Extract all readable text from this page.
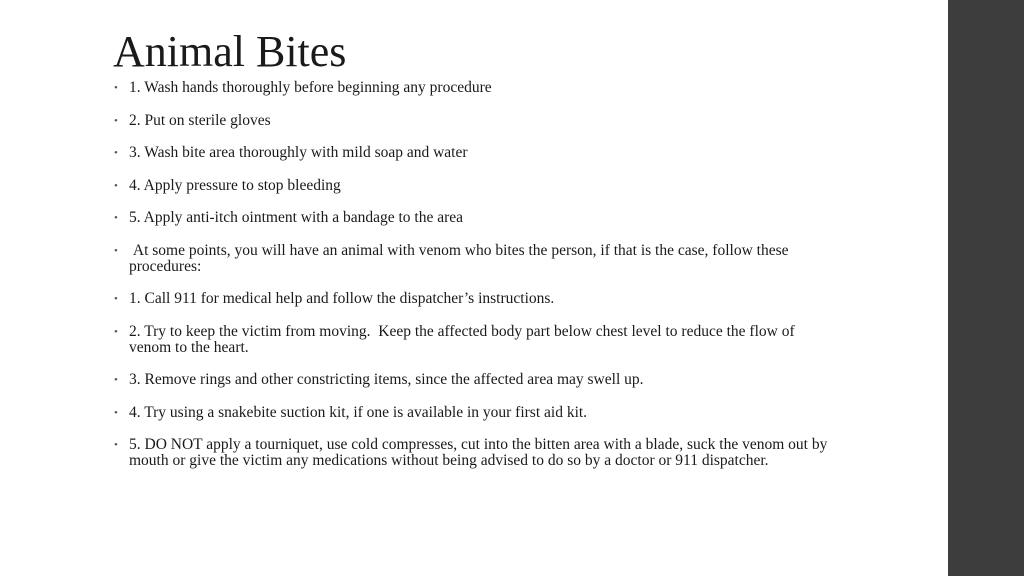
Animal Bites
• 1. Wash hands thoroughly before beginning any procedure
• 2. Put on sterile gloves
• 3. Wash bite area thoroughly with mild soap and water
• 4. Apply pressure to stop bleeding
• 5. Apply anti-itch ointment with a bandage to the area
• At some points, you will have an animal with venom who bites the person, if that is the case, follow these procedures:
• 1. Call 911 for medical help and follow the dispatcher’s instructions.
• 2. Try to keep the victim from moving.  Keep the affected body part below chest level to reduce the flow of venom to the heart.
• 3. Remove rings and other constricting items, since the affected area may swell up.
• 4. Try using a snakebite suction kit, if one is available in your first aid kit.
• 5. DO NOT apply a tourniquet, use cold compresses, cut into the bitten area with a blade, suck the venom out by mouth or give the victim any medications without being advised to do so by a doctor or 911 dispatcher.
